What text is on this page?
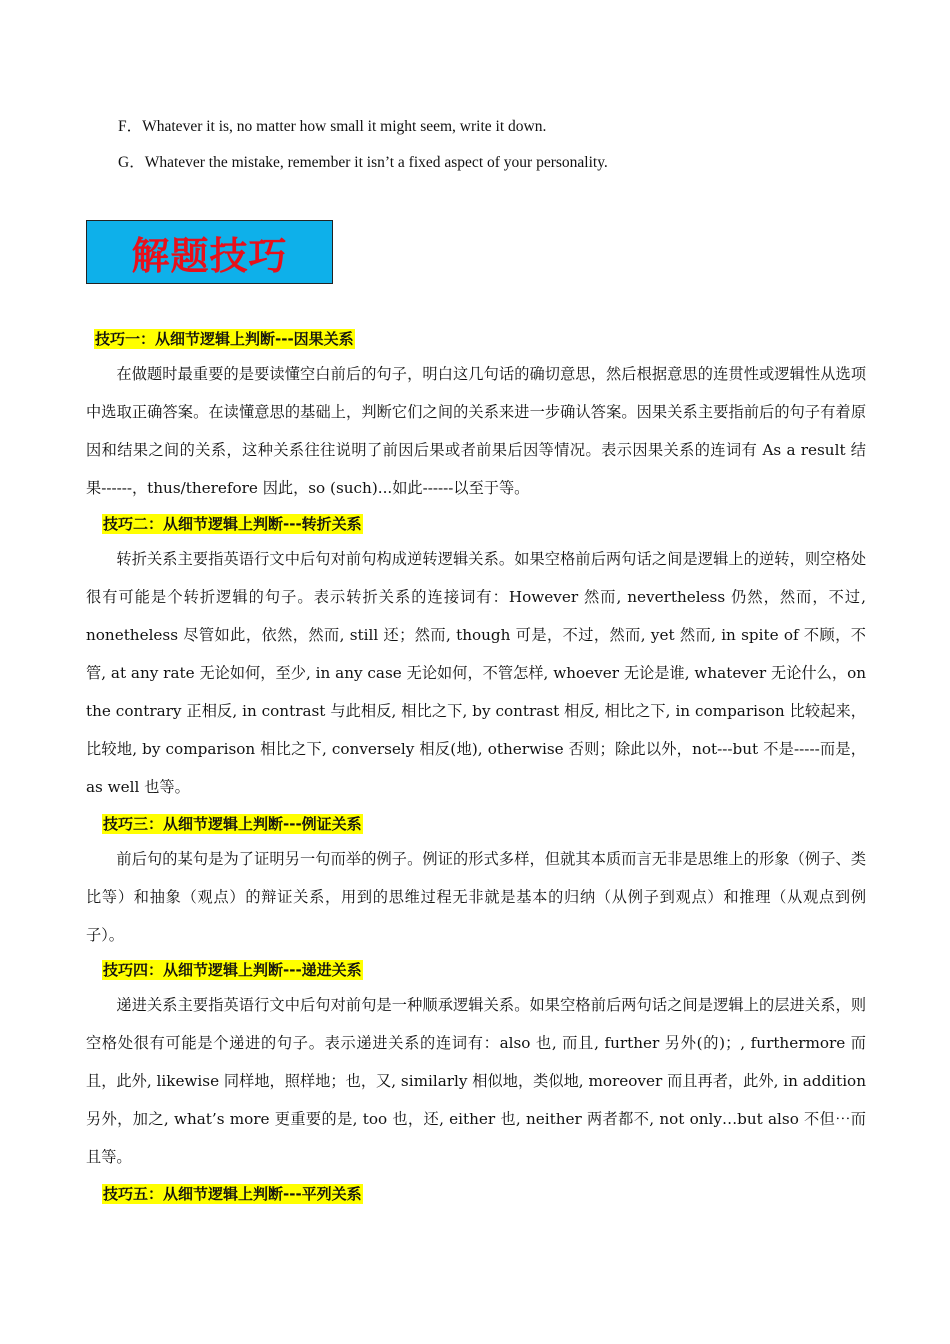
F．Whatever it is, no matter how small it might seem, write it down.
G．Whatever the mistake, remember it isn’t a fixed aspect of your personality.
解题技巧
技巧一：从细节逻辑上判断---因果关系
在做题时最重要的是要读懂空白前后的句子，明白这几句话的确切意思，然后根据意思的连贯性或逻辑性从选项中选取正确答案。在读懂意思的基础上，判断它们之间的关系来进一步确认答案。因果关系主要指前后的句子有着原因和结果之间的关系，这种关系往往说明了前因后果或者前果后因等情况。表示因果关系的连词有 As a result 结果------，thus/therefore 因此，so (such)...如此------以至于等。
技巧二：从细节逻辑上判断---转折关系
转折关系主要指英语行文中后句对前句构成逆转逻辑关系。如果空格前后两句话之间是逻辑上的逆转，则空格处很有可能是个转折逻辑的句子。表示转折关系的连接词有：However 然而, nevertheless 仍然，然而，不过, nonetheless 尽管如此，依然，然而, still 还；然而, though 可是，不过，然而, yet 然而, in spite of 不顾，不管, at any rate 无论如何，至少, in any case 无论如何，不管怎样, whoever 无论是谁, whatever 无论什么，on the contrary 正相反, in contrast 与此相反, 相比之下, by contrast 相反, 相比之下, in comparison 比较起来，比较地, by comparison 相比之下, conversely 相反(地), otherwise 否则；除此以外，not---but 不是-----而是，as well 也等。
技巧三：从细节逻辑上判断---例证关系
前后句的某句是为了证明另一句而举的例子。例证的形式多样，但就其本质而言无非是思维上的形象（例子、类比等）和抽象（观点）的辩证关系，用到的思维过程无非就是基本的归纳（从例子到观点）和推理（从观点到例子）。
技巧四：从细节逻辑上判断---递进关系
递进关系主要指英语行文中后句对前句是一种顺承逻辑关系。如果空格前后两句话之间是逻辑上的层进关系，则空格处很有可能是个递进的句子。表示递进关系的连词有：also 也, 而且, further 另外(的)；, furthermore 而且，此外, likewise 同样地，照样地；也，又, similarly 相似地，类似地, moreover 而且再者，此外, in addition 另外，加之, what’s more 更重要的是, too 也，还, either 也, neither 两者都不, not only…but also 不但⋯而且等。
技巧五：从细节逻辑上判断---平列关系
